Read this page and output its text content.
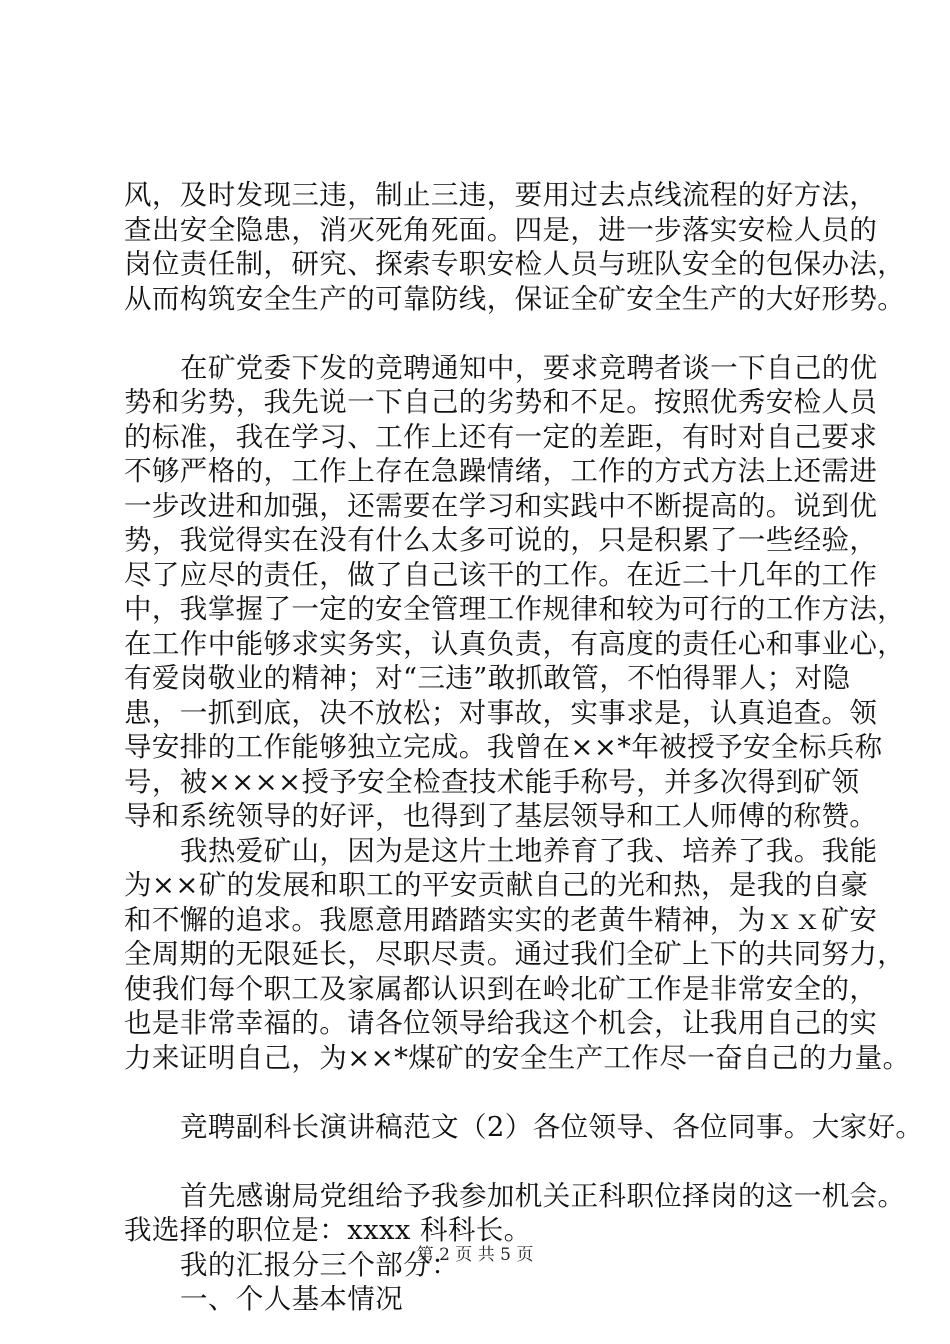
风，及时发现三违，制止三违，要用过去点线流程的好方法，
查出安全隐患，消灭死角死面。四是，进一步落实安检人员的
岗位责任制，研究、探索专职安检人员与班队安全的包保办法，
从而构筑安全生产的可靠防线，保证全矿安全生产的大好形势。
在矿党委下发的竞聘通知中，要求竞聘者谈一下自己的优
势和劣势，我先说一下自己的劣势和不足。按照优秀安检人员
的标准，我在学习、工作上还有一定的差距，有时对自己要求
不够严格的，工作上存在急躁情绪，工作的方式方法上还需进
一步改进和加强，还需要在学习和实践中不断提高的。说到优
势，我觉得实在没有什么太多可说的，只是积累了一些经验，
尽了应尽的责任，做了自己该干的工作。在近二十几年的工作
中，我掌握了一定的安全管理工作规律和较为可行的工作方法，
在工作中能够求实务实，认真负责，有高度的责任心和事业心，
有爱岗敬业的精神；对“三违”敢抓敢管，不怕得罪人；对隐
患，一抓到底，决不放松；对事故，实事求是，认真追查。领
导安排的工作能够独立完成。我曾在××*年被授予安全标兵称
号，被××××授予安全检查技术能手称号，并多次得到矿领
导和系统领导的好评，也得到了基层领导和工人师傅的称赞。
我热爱矿山，因为是这片土地养育了我、培养了我。我能
为××矿的发展和职工的平安贡献自己的光和热，是我的自豪
和不懈的追求。我愿意用踏踏实实的老黄牛精神，为ｘｘ矿安
全周期的无限延长，尽职尽责。通过我们全矿上下的共同努力，
使我们每个职工及家属都认识到在岭北矿工作是非常安全的，
也是非常幸福的。请各位领导给我这个机会，让我用自己的实
力来证明自己，为××*煤矿的安全生产工作尽一奋自己的力量。
竞聘副科长演讲稿范文（2）各位领导、各位同事。大家好。
首先感谢局党组给予我参加机关正科职位择岗的这一机会。
我选择的职位是：xxxx 科科长。
我的汇报分三个部分：
一、个人基本情况
第 2 页 共 5 页
